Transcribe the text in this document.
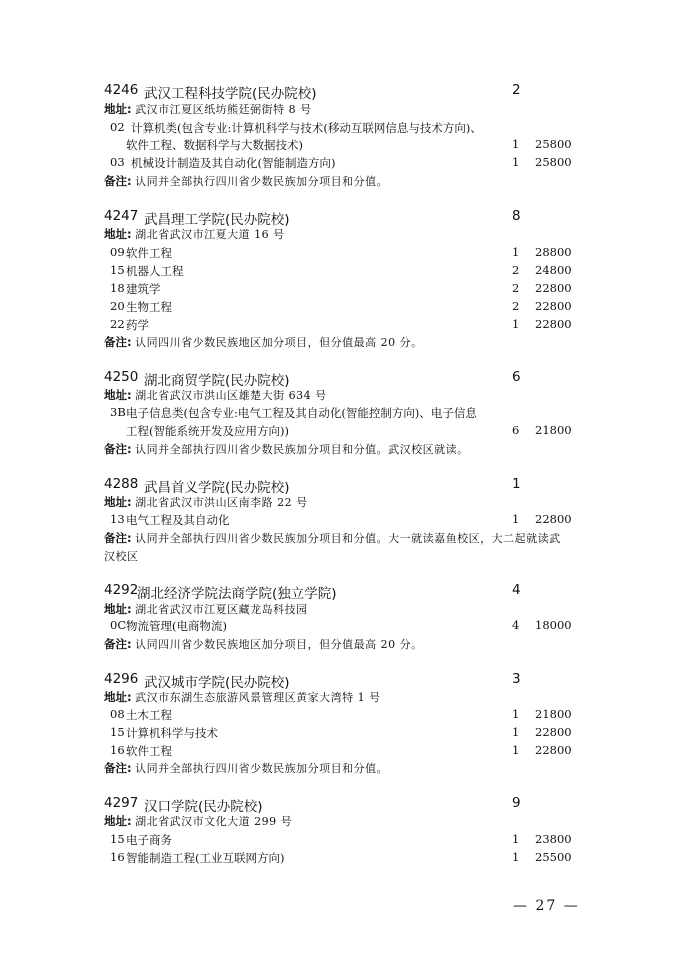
4246 武汉工程科技学院(民办院校)	2
地址: 武汉市江夏区纸坊熊廷弼街特 8 号
02 计算机类(包含专业:计算机科学与技术(移动互联网信息与技术方向)、
软件工程、数据科学与大数据技术)	1 25800
03 机械设计制造及其自动化(智能制造方向)	1 25800
备注: 认同并全部执行四川省少数民族加分项目和分值。
4247 武昌理工学院(民办院校)	8
地址: 湖北省武汉市江夏大道 16 号
09 软件工程	1 28800
15 机器人工程	2 24800
18 建筑学	2 22800
20 生物工程	2 22800
22 药学	1 22800
备注: 认同四川省少数民族地区加分项目，但分值最高 20 分。
4250 湖北商贸学院(民办院校)	6
地址: 湖北省武汉市洪山区雄楚大街 634 号
3B 电子信息类(包含专业:电气工程及其自动化(智能控制方向)、电子信息
工程(智能系统开发及应用方向))	6 21800
备注: 认同并全部执行四川省少数民族加分项目和分值。武汉校区就读。
4288 武昌首义学院(民办院校)	1
地址: 湖北省武汉市洪山区南李路 22 号
13 电气工程及其自动化	1 22800
备注: 认同并全部执行四川省少数民族加分项目和分值。大一就读嘉鱼校区，大二起就读武
汉校区
4292
湖北经济学院法商学院(独立学院)	4
地址: 湖北省武汉市江夏区藏龙岛科技园
0C 物流管理(电商物流)	4 18000
备注: 认同四川省少数民族地区加分项目，但分值最高 20 分。
4296 武汉城市学院(民办院校)	3
地址: 武汉市东湖生态旅游风景管理区黄家大湾特 1 号
08 土木工程	1 21800
15 计算机科学与技术	1 22800
16 软件工程	1 22800
备注: 认同并全部执行四川省少数民族加分项目和分值。
4297 汉口学院(民办院校)	9
地址: 湖北省武汉市文化大道 299 号
15 电子商务	1 23800
16 智能制造工程(工业互联网方向)	1 25500
— 27 —
